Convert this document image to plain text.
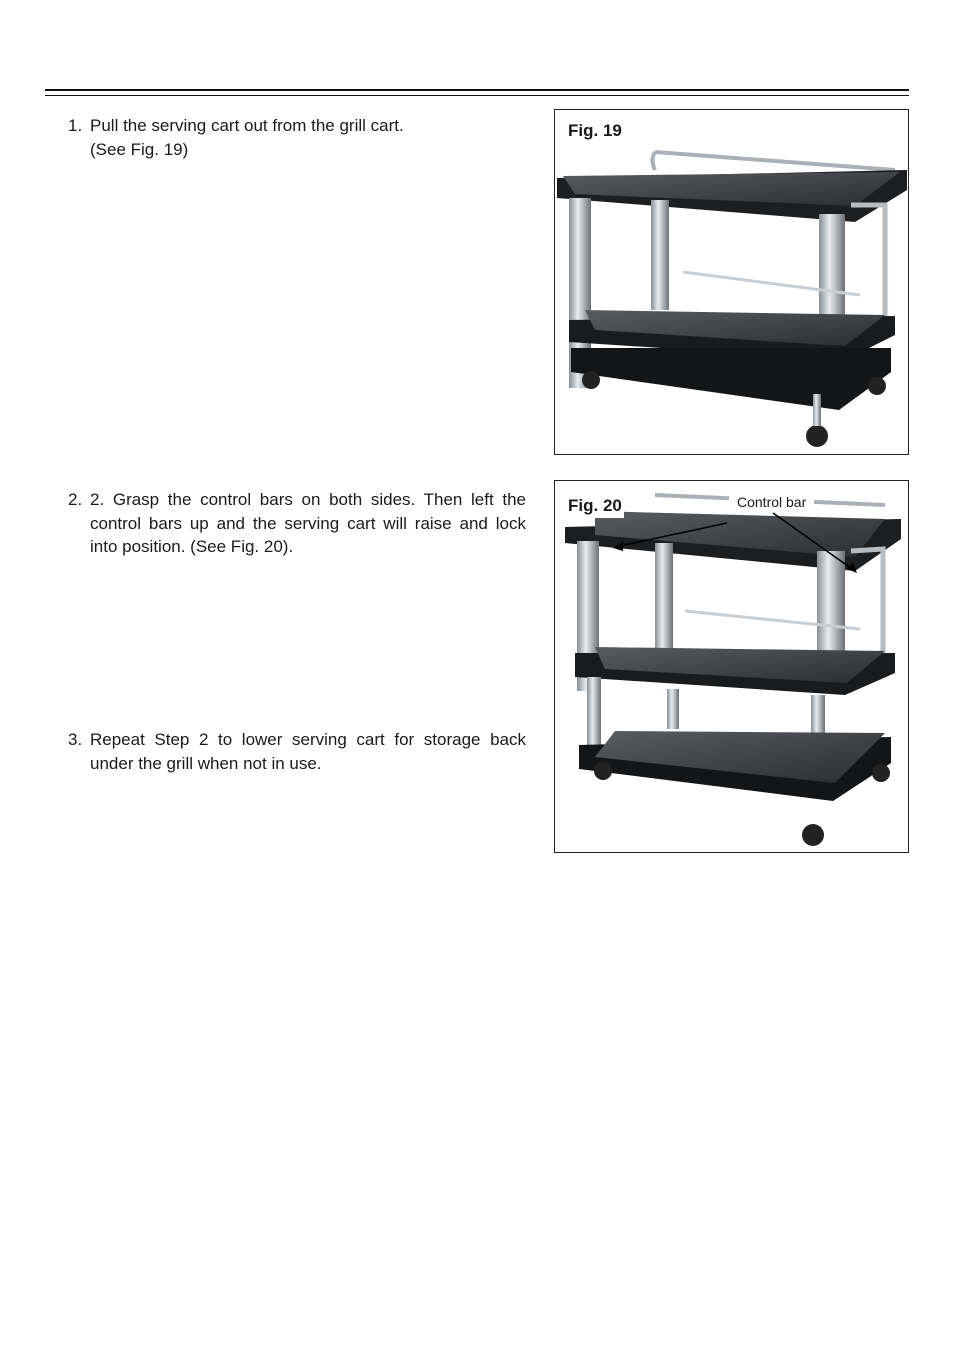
1. Pull the serving cart out from the grill cart.
(See Fig. 19)
2. 2. Grasp the control bars on both sides. Then left the control bars up and the serving cart will raise and lock into position. (See Fig. 20).
3. Repeat Step 2 to lower serving cart for storage back under the grill when not in use.
Fig. 19
Fig. 20	Control bar
